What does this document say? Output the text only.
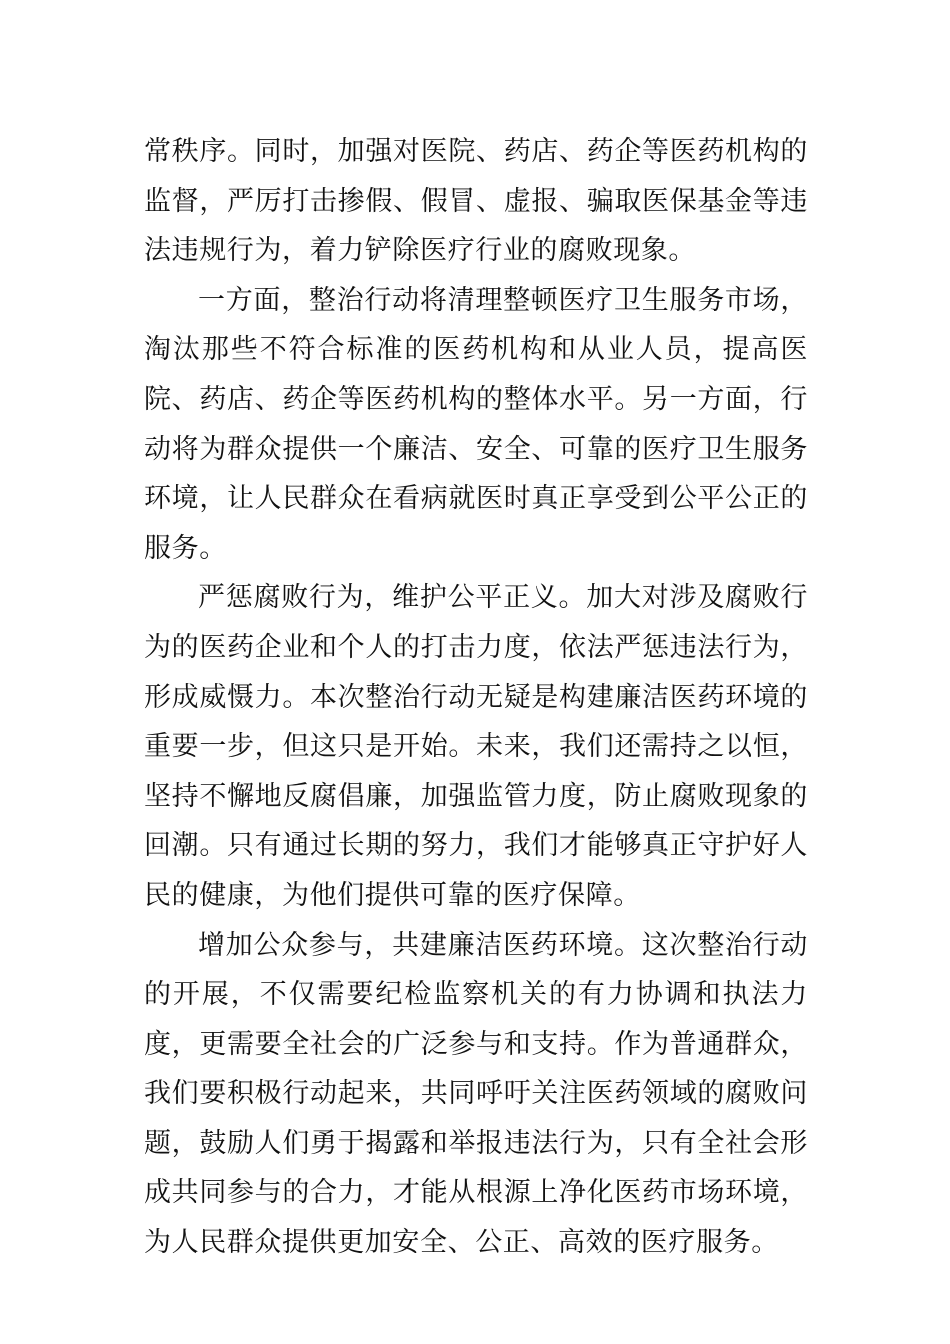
常秩序。同时，加强对医院、药店、药企等医药机构的监督，严厉打击掺假、假冒、虚报、骗取医保基金等违法违规行为，着力铲除医疗行业的腐败现象。

一方面，整治行动将清理整顿医疗卫生服务市场，淘汰那些不符合标准的医药机构和从业人员，提高医院、药店、药企等医药机构的整体水平。另一方面，行动将为群众提供一个廉洁、安全、可靠的医疗卫生服务环境，让人民群众在看病就医时真正享受到公平公正的服务。

严惩腐败行为，维护公平正义。加大对涉及腐败行为的医药企业和个人的打击力度，依法严惩违法行为，形成威慑力。本次整治行动无疑是构建廉洁医药环境的重要一步，但这只是开始。未来，我们还需持之以恒，坚持不懈地反腐倡廉，加强监管力度，防止腐败现象的回潮。只有通过长期的努力，我们才能够真正守护好人民的健康，为他们提供可靠的医疗保障。

增加公众参与，共建廉洁医药环境。这次整治行动的开展，不仅需要纪检监察机关的有力协调和执法力度，更需要全社会的广泛参与和支持。作为普通群众，我们要积极行动起来，共同呼吁关注医药领域的腐败问题，鼓励人们勇于揭露和举报违法行为，只有全社会形成共同参与的合力，才能从根源上净化医药市场环境，为人民群众提供更加安全、公正、高效的医疗服务。
